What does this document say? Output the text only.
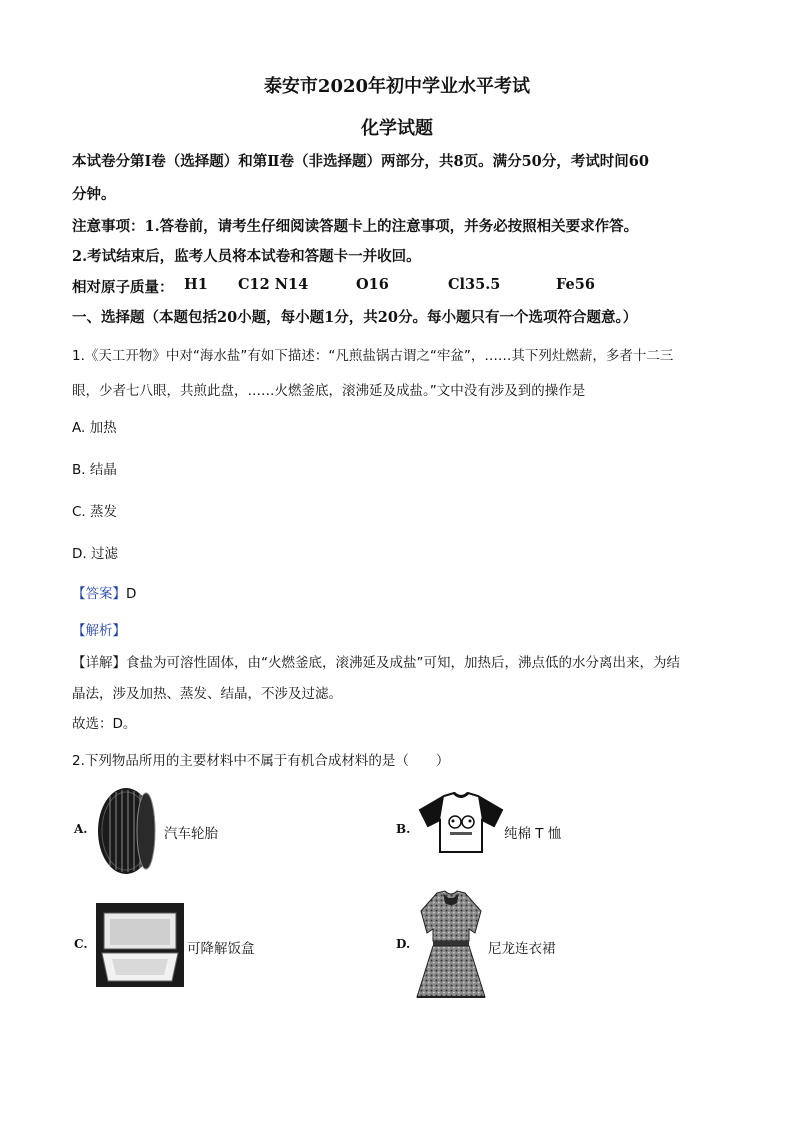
泰安市2020年初中学业水平考试
化学试题
本试卷分第Ⅰ卷（选择题）和第Ⅱ卷（非选择题）两部分，共8页。满分50分，考试时间60
分钟。
注意事项：1.答卷前，请考生仔细阅读答题卡上的注意事项，并务必按照相关要求作答。
2.考试结束后，监考人员将本试卷和答题卡一并收回。
相对原子质量： H1 C12 N14	O16	Cl35.5	Fe56
一、选择题（本题包括20小题，每小题1分，共20分。每小题只有一个选项符合题意。）
1.《天工开物》中对“海水盐”有如下描述：“凡煎盐锅古谓之“牢盆”，……其下列灶燃薪，多者十二三
眼，少者七八眼，共煎此盘，……火燃釜底，滚沸延及成盐。”文中没有涉及到的操作是
A. 加热
B. 结晶
C. 蒸发
D. 过滤
【答案】D
【解析】
【详解】食盐为可溶性固体，由“火燃釜底，滚沸延及成盐”可知，加热后，沸点低的水分离出来，为结
晶法，涉及加热、蒸发、结晶，不涉及过滤。
故选：D。
2.下列物品所用的主要材料中不属于有机合成材料的是（　　）
A.	汽车轮胎	B.	纯棉 T 恤
C.	可降解饭盒	D.	尼龙连衣裙
